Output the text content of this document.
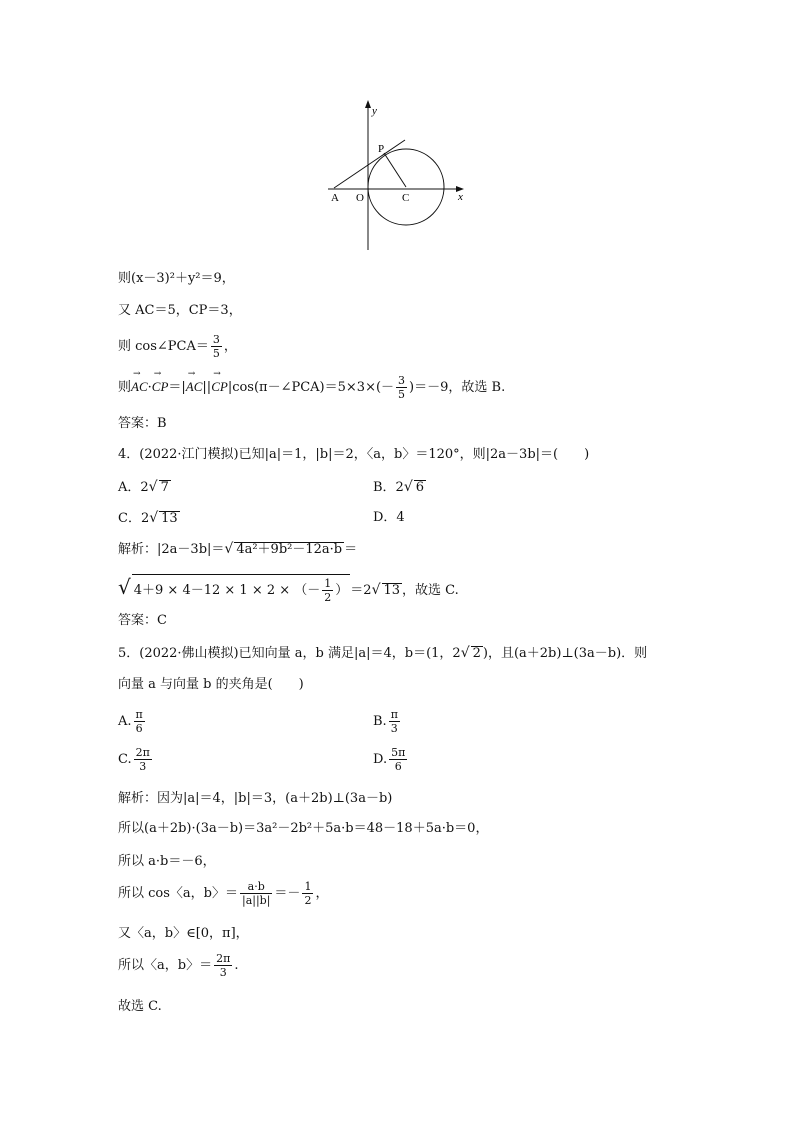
y
x
P
A O	C
则(x－3)²＋y²＝9，
又 AC＝5，CP＝3，
则 cos∠PCA＝ $\frac{3}{5}$ ，
则→ AC·→ CP＝|→ AC||→ CP|cos(π－∠PCA)＝5×3×(－ $\frac{3}{5} )=-9$，故选 B.
答案：B
4．(2022·江门模拟)已知|a|＝1，|b|＝2，〈a，b〉＝120°，则|2a－3b|＝(　　)
A．2√ 7	B．2√ 6
C．2√ 13	D．4
解析：|2a－3b|＝√ 4a²＋9b²－12a·b ＝
√ 4＋9 × 4－12 × 1 × 2 × （－ $\frac{1}{2}$ ） ＝2√ 13 ，故选 C.
答案：C
5．(2022·佛山模拟)已知向量 a，b 满足|a|＝4，b＝(1，2√ 2 )，且(a＋2b)⊥(3a－b)．则
向量 a 与向量 b 的夹角是(　　)
A. $\frac{\pi}{6}$	B. $\frac{\pi}{3}$
C. $\frac{2\pi}{3}$	D. $\frac{5\pi}{6}$
解析：因为|a|＝4，|b|＝3，(a＋2b)⊥(3a－b)
所以(a＋2b)·(3a－b)＝3a²－2b²＋5a·b＝48－18＋5a·b＝0，
所以 a·b＝－6，
所以 cos〈a，b〉＝ $\frac{a\cdot b}{|a||b|} =- \frac{1}{2}$ ，
又〈a，b〉∈[0，π]，
所以〈a，b〉＝ $\frac{2\pi}{3}$ .
故选 C.
